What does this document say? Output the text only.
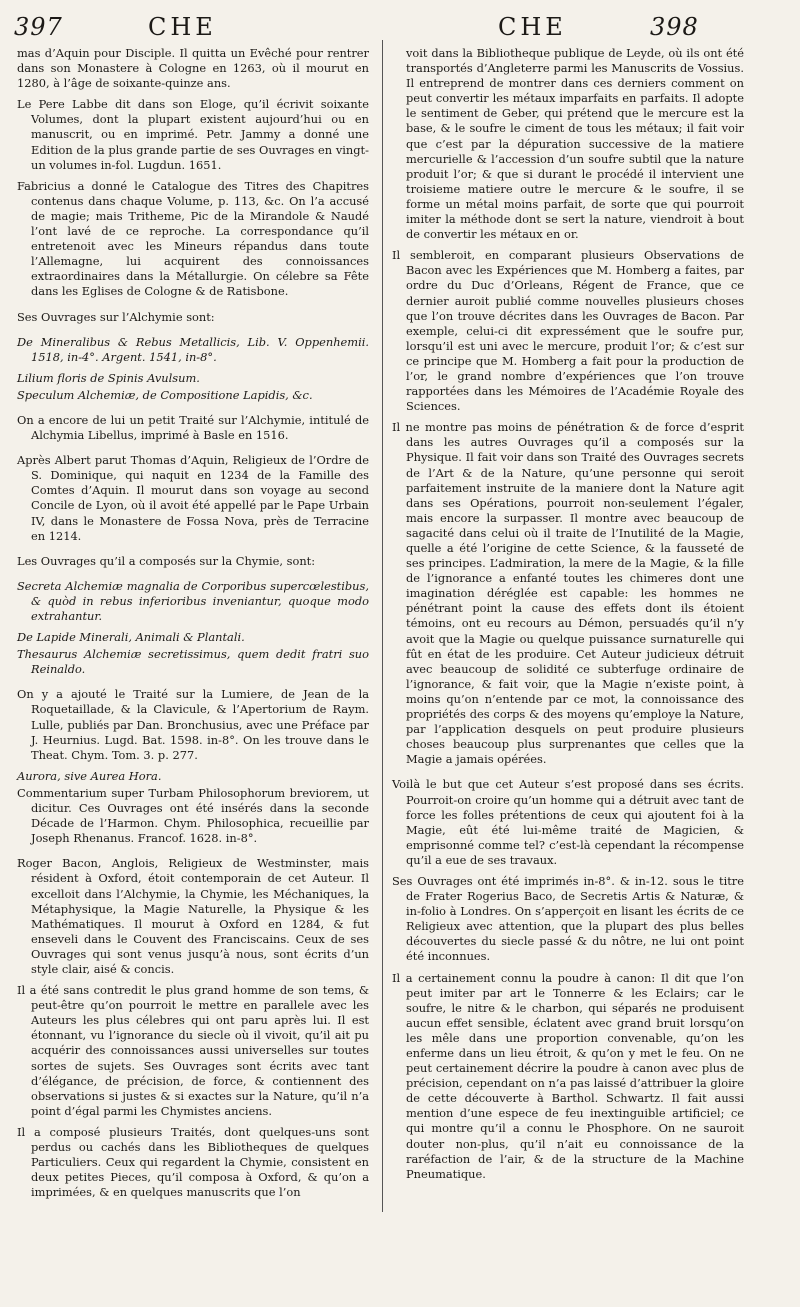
397	CHE	CHE	398

mas d’Aquin pour Disciple. Il quitta un Evêché pour rentrer dans son Monastere à Cologne en 1263, où il mourut en 1280, à l’âge de soixante-quinze ans.

Le Pere Labbe dit dans son Eloge, qu’il écrivit soixante Volumes, dont la plupart existent aujourd’hui ou en manuscrit, ou en imprimé. Petr. Jammy a donné une Edition de la plus grande partie de ses Ouvrages en vingt-un volumes in-fol. Lugdun. 1651.

Fabricius a donné le Catalogue des Titres des Chapitres contenus dans chaque Volume, p. 113, &c. On l’a accusé de magie; mais Tritheme, Pic de la Mirandole & Naudé l’ont lavé de ce reproche. La correspondance qu’il entretenoit avec les Mineurs répandus dans toute l’Allemagne, lui acquirent des connoissances extraordinaires dans la Métallurgie. On célebre sa Fête dans les Eglises de Cologne & de Ratisbone.

Ses Ouvrages sur l’Alchymie sont:

De Mineralibus & Rebus Metallicis, Lib. V. Oppenhemii. 1518, in-4°. Argent. 1541, in-8°.

Lilium floris de Spinis Avulsum.

Speculum Alchemiæ, de Compositione Lapidis, &c.

On a encore de lui un petit Traité sur l’Alchymie, intitulé de Alchymia Libellus, imprimé à Basle en 1516.

Après Albert parut Thomas d’Aquin, Religieux de l’Ordre de S. Dominique, qui naquit en 1234 de la Famille des Comtes d’Aquin. Il mourut dans son voyage au second Concile de Lyon, où il avoit été appellé par le Pape Urbain IV, dans le Monastere de Fossa Nova, près de Terracine en 1214.

Les Ouvrages qu’il a composés sur la Chymie, sont:

Secreta Alchemiæ magnalia de Corporibus supercœlestibus, & quòd in rebus inferioribus inveniantur, quoque modo extrahantur.

De Lapide Minerali, Animali & Plantali.

Thesaurus Alchemiæ secretissimus, quem dedit fratri suo Reinaldo.

On y a ajouté le Traité sur la Lumiere, de Jean de la Roquetaillade, & la Clavicule, & l’Apertorium de Raym. Lulle, publiés par Dan. Bronchusius, avec une Préface par J. Heurnius. Lugd. Bat. 1598. in-8°. On les trouve dans le Theat. Chym. Tom. 3. p. 277.

Aurora, sive Aurea Hora.

Commentarium super Turbam Philosophorum breviorem, ut dicitur. Ces Ouvrages ont été insérés dans la seconde Décade de l’Harmon. Chym. Philosophica, recueillie par Joseph Rhenanus. Francof. 1628. in-8°.

Roger Bacon, Anglois, Religieux de Westminster, mais résident à Oxford, étoit contemporain de cet Auteur. Il excelloit dans l’Alchymie, la Chymie, les Méchaniques, la Métaphysique, la Magie Naturelle, la Physique & les Mathématiques. Il mourut à Oxford en 1284, & fut enseveli dans le Couvent des Franciscains. Ceux de ses Ouvrages qui sont venus jusqu’à nous, sont écrits d’un style clair, aisé & concis.

Il a été sans contredit le plus grand homme de son tems, & peut-être qu’on pourroit le mettre en parallele avec les Auteurs les plus célebres qui ont paru après lui. Il est étonnant, vu l’ignorance du siecle où il vivoit, qu’il ait pu acquérir des connoissances aussi universelles sur toutes sortes de sujets. Ses Ouvrages sont écrits avec tant d’élégance, de précision, de force, & contiennent des observations si justes & si exactes sur la Nature, qu’il n’a point d’égal parmi les Chymistes anciens.

Il a composé plusieurs Traités, dont quelques-uns sont perdus ou cachés dans les Bibliotheques de quelques Particuliers. Ceux qui regardent la Chymie, consistent en deux petites Pieces, qu’il composa à Oxford, & qu’on a imprimées, & en quelques manuscrits que l’on

voit dans la Bibliotheque publique de Leyde, où ils ont été transportés d’Angleterre parmi les Manuscrits de Vossius. Il entreprend de montrer dans ces derniers comment on peut convertir les métaux imparfaits en parfaits. Il adopte le sentiment de Geber, qui prétend que le mercure est la base, & le soufre le ciment de tous les métaux; il fait voir que c’est par la dépuration successive de la matiere mercurielle & l’accession d’un soufre subtil que la nature produit l’or; & que si durant le procédé il intervient une troisieme matiere outre le mercure & le soufre, il se forme un métal moins parfait, de sorte que qui pourroit imiter la méthode dont se sert la nature, viendroit à bout de convertir les métaux en or.

Il sembleroit, en comparant plusieurs Observations de Bacon avec les Expériences que M. Homberg a faites, par ordre du Duc d’Orleans, Régent de France, que ce dernier auroit publié comme nouvelles plusieurs choses que l’on trouve décrites dans les Ouvrages de Bacon. Par exemple, celui-ci dit expressément que le soufre pur, lorsqu’il est uni avec le mercure, produit l’or; & c’est sur ce principe que M. Homberg a fait pour la production de l’or, le grand nombre d’expériences que l’on trouve rapportées dans les Mémoires de l’Académie Royale des Sciences.

Il ne montre pas moins de pénétration & de force d’esprit dans les autres Ouvrages qu’il a composés sur la Physique. Il fait voir dans son Traité des Ouvrages secrets de l’Art & de la Nature, qu’une personne qui seroit parfaitement instruite de la maniere dont la Nature agit dans ses Opérations, pourroit non-seulement l’égaler, mais encore la surpasser. Il montre avec beaucoup de sagacité dans celui où il traite de l’Inutilité de la Magie, quelle a été l’origine de cette Science, & la fausseté de ses principes. L’admiration, la mere de la Magie, & la fille de l’ignorance a enfanté toutes les chimeres dont une imagination déréglée est capable: les hommes ne pénétrant point la cause des effets dont ils étoient témoins, ont eu recours au Démon, persuadés qu’il n’y avoit que la Magie ou quelque puissance surnaturelle qui fût en état de les produire. Cet Auteur judicieux détruit avec beaucoup de solidité ce subterfuge ordinaire de l’ignorance, & fait voir, que la Magie n’existe point, à moins qu’on n’entende par ce mot, la connoissance des propriétés des corps & des moyens qu’employe la Nature, par l’application desquels on peut produire plusieurs choses beaucoup plus surprenantes que celles que la Magie a jamais opérées.

Voilà le but que cet Auteur s’est proposé dans ses écrits. Pourroit-on croire qu’un homme qui a détruit avec tant de force les folles prétentions de ceux qui ajoutent foi à la Magie, eût été lui-même traité de Magicien, & emprisonné comme tel? c’est-là cependant la récompense qu’il a eue de ses travaux.

Ses Ouvrages ont été imprimés in-8°. & in-12. sous le titre de Frater Rogerius Baco, de Secretis Artis & Naturæ, & in-folio à Londres. On s’apperçoit en lisant les écrits de ce Religieux avec attention, que la plupart des plus belles découvertes du siecle passé & du nôtre, ne lui ont point été inconnues.

Il a certainement connu la poudre à canon: Il dit que l’on peut imiter par art le Tonnerre & les Eclairs; car le soufre, le nitre & le charbon, qui séparés ne produisent aucun effet sensible, éclatent avec grand bruit lorsqu’on les mêle dans une proportion convenable, qu’on les enferme dans un lieu étroit, & qu’on y met le feu. On ne peut certainement décrire la poudre à canon avec plus de précision, cependant on n’a pas laissé d’attribuer la gloire de cette découverte à Barthol. Schwartz. Il fait aussi mention d’une espece de feu inextinguible artificiel; ce qui montre qu’il a connu le Phosphore. On ne sauroit douter non-plus, qu’il n’ait eu connoissance de la raréfaction de l’air, & de la structure de la Machine Pneumatique.
